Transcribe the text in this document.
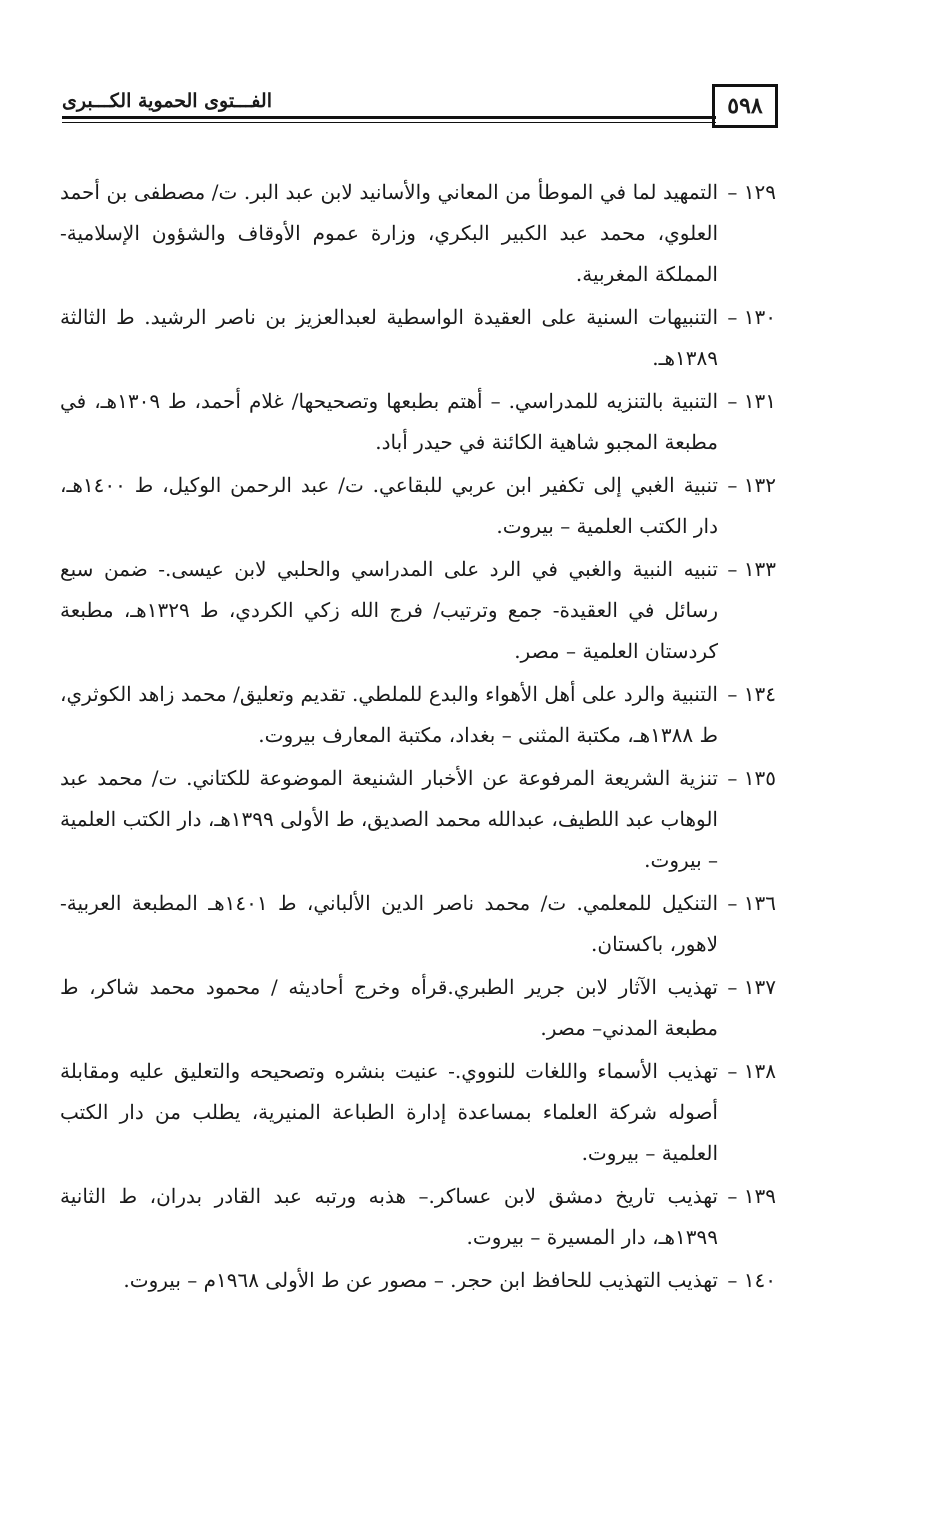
٥٩٨
الفـــتوى الحموية الكـــبرى
١٢٩ –
التمهيد لما في الموطأ من المعاني والأسانيد لابن عبد البر. ت/ مصطفى بن أحمد العلوي، محمد عبد الكبير البكري، وزارة عموم الأوقاف والشؤون الإسلامية- المملكة المغربية.
١٣٠ –
التنبيهات السنية على العقيدة الواسطية لعبدالعزيز بن ناصر الرشيد. ط الثالثة ١٣٨٩هـ.
١٣١ –
التنبية بالتنزيه للمدراسي. – أهتم بطبعها وتصحيحها/ غلام أحمد، ط ١٣٠٩هـ، في مطبعة المجبو شاهية الكائنة في حيدر أباد.
١٣٢ –
تنبية الغبي إلى تكفير ابن عربي للبقاعي. ت/ عبد الرحمن الوكيل، ط ١٤٠٠هـ، دار الكتب العلمية – بيروت.
١٣٣ –
تنبيه النبية والغبي في الرد على المدراسي والحلبي لابن عيسى.- ضمن سبع رسائل في العقيدة- جمع وترتيب/ فرج الله زكي الكردي، ط ١٣٢٩هـ، مطبعة كردستان العلمية – مصر.
١٣٤ –
التنبية والرد على أهل الأهواء والبدع للملطي. تقديم وتعليق/ محمد زاهد الكوثري، ط ١٣٨٨هـ، مكتبة المثنى – بغداد، مكتبة المعارف بيروت.
١٣٥ –
تنزية الشريعة المرفوعة عن الأخبار الشنيعة الموضوعة للكتاني. ت/ محمد عبد الوهاب عبد اللطيف، عبدالله محمد الصديق، ط الأولى ١٣٩٩هـ، دار الكتب العلمية – بيروت.
١٣٦ –
التنكيل للمعلمي. ت/ محمد ناصر الدين الألباني، ط ١٤٠١هـ المطبعة العربية- لاهور، باكستان.
١٣٧ –
تهذيب الآثار لابن جرير الطبري.قرأه وخرج أحاديثه / محمود محمد شاكر، ط مطبعة المدني– مصر.
١٣٨ –
تهذيب الأسماء واللغات للنووي.- عنيت بنشره وتصحيحه والتعليق عليه ومقابلة أصوله شركة العلماء بمساعدة إدارة الطباعة المنيرية، يطلب من دار الكتب العلمية – بيروت.
١٣٩ –
تهذيب تاريخ دمشق لابن عساكر.– هذبه ورتبه عبد القادر بدران، ط الثانية ١٣٩٩هـ، دار المسيرة – بيروت.
١٤٠ –
تهذيب التهذيب للحافظ ابن حجر. – مصور عن ط الأولى ١٩٦٨م – بيروت.
